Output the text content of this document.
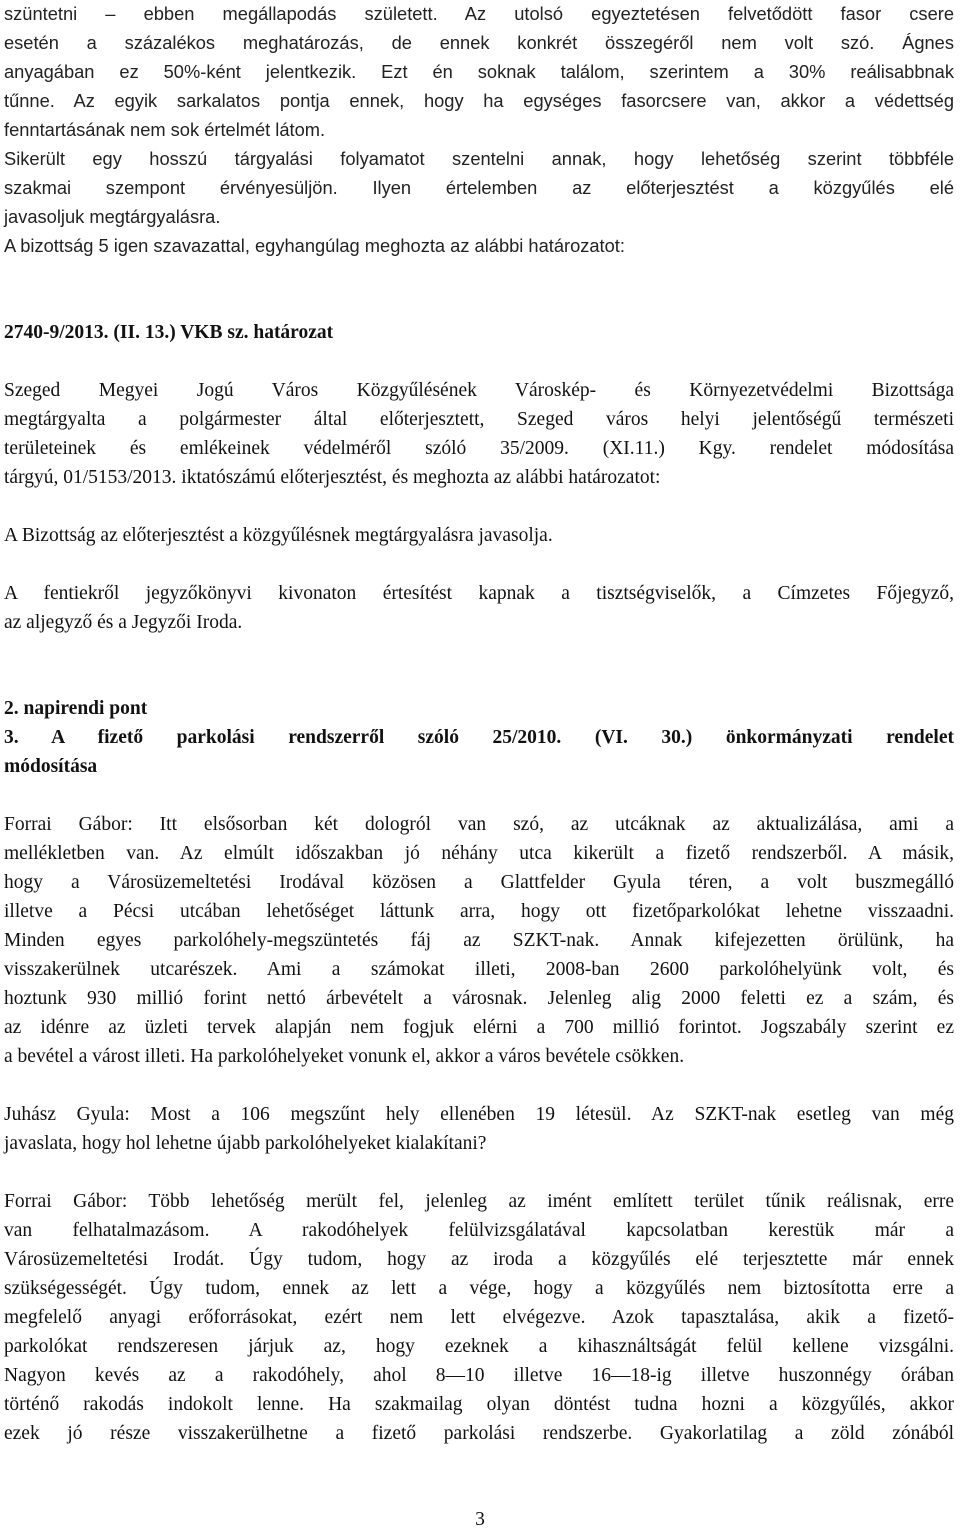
szüntetni – ebben megállapodás született. Az utolsó egyeztetésen felvetődött fasor csere
esetén a százalékos meghatározás, de ennek konkrét összegéről nem volt szó. Ágnes
anyagában ez 50%-ként jelentkezik. Ezt én soknak találom, szerintem a 30% reálisabbnak
tűnne. Az egyik sarkalatos pontja ennek, hogy ha egységes fasorcsere van, akkor a védettség
fenntartásának nem sok értelmét látom.
Sikerült egy hosszú tárgyalási folyamatot szentelni annak, hogy lehetőség szerint többféle
szakmai szempont érvényesüljön. Ilyen értelemben az előterjesztést a közgyűlés elé
javasoljuk megtárgyalásra.
A bizottság 5 igen szavazattal, egyhangúlag meghozta az alábbi határozatot:
2740-9/2013. (II. 13.) VKB sz. határozat
Szeged Megyei Jogú Város Közgyűlésének Városkép- és Környezetvédelmi Bizottsága
megtárgyalta a polgármester által előterjesztett, Szeged város helyi jelentőségű természeti
területeinek és emlékeinek védelméről szóló 35/2009. (XI.11.) Kgy. rendelet módosítása
tárgyú, 01/5153/2013. iktatószámú előterjesztést, és meghozta az alábbi határozatot:
A Bizottság az előterjesztést a közgyűlésnek megtárgyalásra javasolja.
A fentiekről jegyzőkönyvi kivonaton értesítést kapnak a tisztségviselők, a Címzetes Főjegyző,
az aljegyző és a Jegyzői Iroda.
2. napirendi pont
3. A fizető parkolási rendszerről szóló 25/2010. (VI. 30.) önkormányzati rendelet
módosítása
Forrai Gábor: Itt elsősorban két dologról van szó, az utcáknak az aktualizálása, ami a
mellékletben van. Az elmúlt időszakban jó néhány utca kikerült a fizető rendszerből. A másik,
hogy a Városüzemeltetési Irodával közösen a Glattfelder Gyula téren, a volt buszmegálló
illetve a Pécsi utcában lehetőséget láttunk arra, hogy ott fizetőparkolókat lehetne visszaadni.
Minden egyes parkolóhely-megszüntetés fáj az SZKT-nak. Annak kifejezetten örülünk, ha
visszakerülnek utcarészek. Ami a számokat illeti, 2008-ban 2600 parkolóhelyünk volt, és
hoztunk 930 millió forint nettó árbevételt a városnak. Jelenleg alig 2000 feletti ez a szám, és
az idénre az üzleti tervek alapján nem fogjuk elérni a 700 millió forintot. Jogszabály szerint ez
a bevétel a várost illeti. Ha parkolóhelyeket vonunk el, akkor a város bevétele csökken.
Juhász Gyula: Most a 106 megszűnt hely ellenében 19 létesül. Az SZKT-nak esetleg van még
javaslata, hogy hol lehetne újabb parkolóhelyeket kialakítani?
Forrai Gábor: Több lehetőség merült fel, jelenleg az imént említett terület tűnik reálisnak, erre
van felhatalmazásom. A rakodóhelyek felülvizsgálatával kapcsolatban kerestük már a
Városüzemeltetési Irodát. Úgy tudom, hogy az iroda a közgyűlés elé terjesztette már ennek
szükségességét. Úgy tudom, ennek az lett a vége, hogy a közgyűlés nem biztosította erre a
megfelelő anyagi erőforrásokat, ezért nem lett elvégezve. Azok tapasztalása, akik a fizető-
parkolókat rendszeresen járjuk az, hogy ezeknek a kihasználtságát felül kellene vizsgálni.
Nagyon kevés az a rakodóhely, ahol 8—10 illetve 16—18-ig illetve huszonnégy órában
történő rakodás indokolt lenne. Ha szakmailag olyan döntést tudna hozni a közgyűlés, akkor
ezek jó része visszakerülhetne a fizető parkolási rendszerbe. Gyakorlatilag a zöld zónából
3
